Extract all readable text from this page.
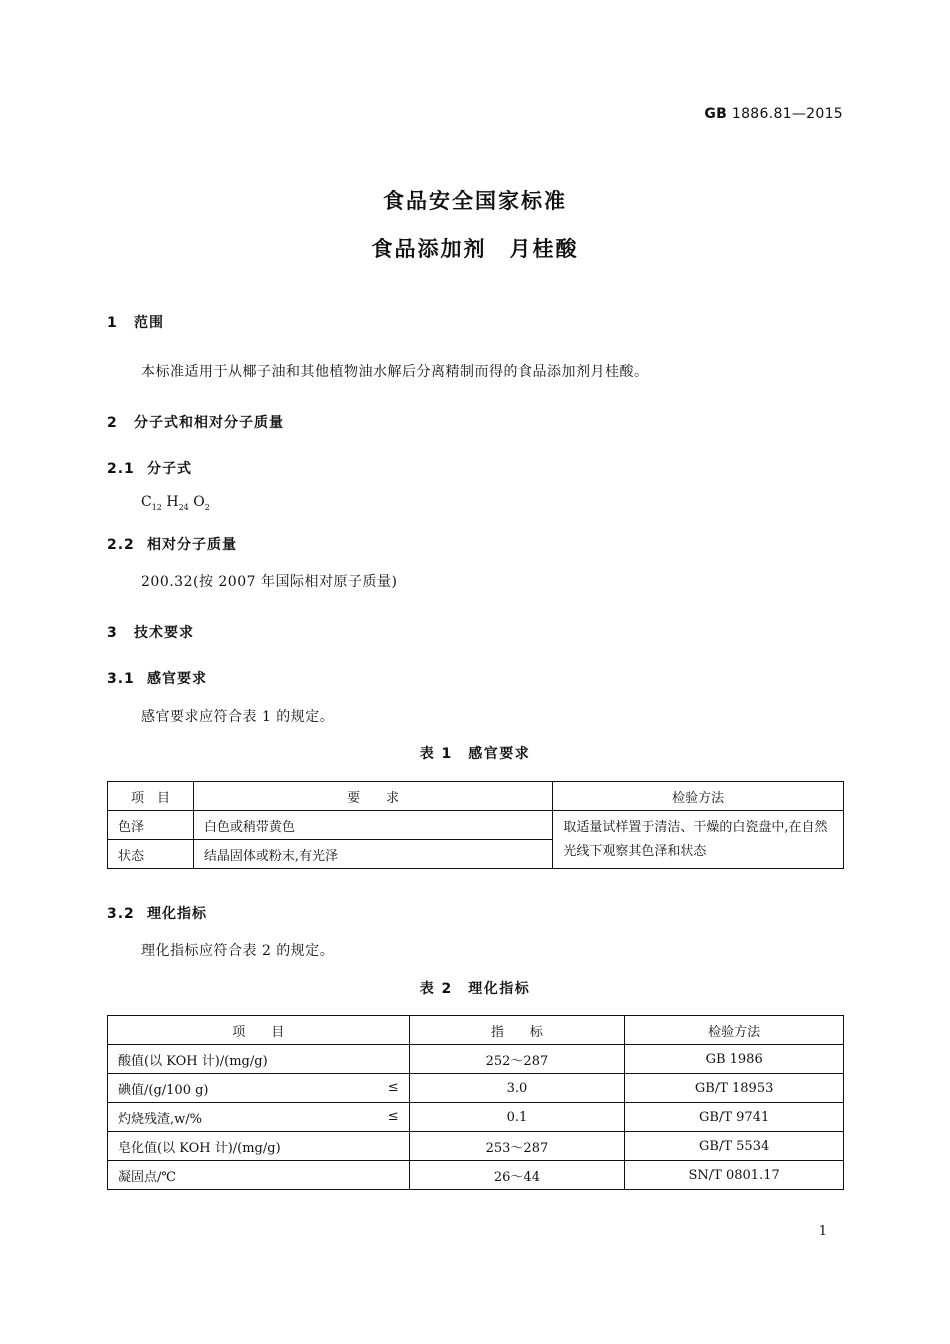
GB 1886.81—2015
食品安全国家标准
食品添加剂　月桂酸
1 范围
本标准适用于从椰子油和其他植物油水解后分离精制而得的食品添加剂月桂酸。
2 分子式和相对分子质量
2.1 分子式
$C_{12}$ $H_{24}$ $O_2$
2.2 相对分子质量
200.32(按 2007 年国际相对原子质量)
3 技术要求
3.1 感官要求
感官要求应符合表 1 的规定。
表 1　感官要求
项　目	要　　求	检验方法
色泽	白色或稍带黄色	取适量试样置于清洁、干燥的白瓷盘中,在自然光线下观察其色泽和状态
状态	结晶固体或粉末,有光泽	
3.2 理化指标
理化指标应符合表 2 的规定。
表 2　理化指标
项　　目	指　　标	检验方法
酸值(以 KOH 计)/(mg/g)	252～287	GB 1986
碘值/(g/100 g) ≤	3.0	GB/T 18953
灼烧残渣,w/% ≤	0.1	GB/T 9741
皂化值(以 KOH 计)/(mg/g)	253～287	GB/T 5534
凝固点/℃	26～44	SN/T 0801.17
1
